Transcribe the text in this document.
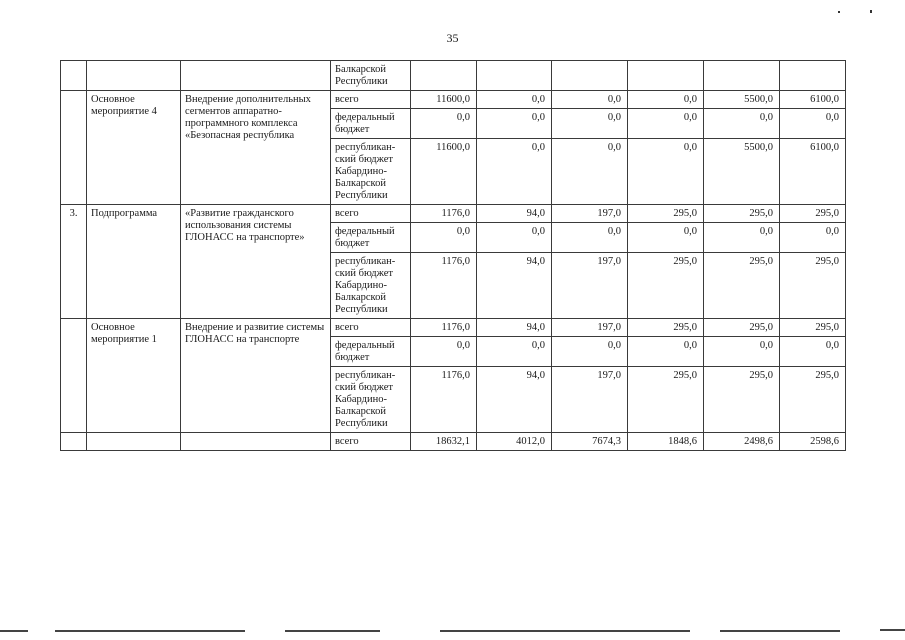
35
			Балкарской Республики						
	Основное мероприятие 4	Внедрение дополнительных сегментов аппаратно-программного комплекса «Безопасная республика	всего	11600,0	0,0	0,0	0,0	5500,0	6100,0
			федеральный бюджет	0,0	0,0	0,0	0,0	0,0	0,0
			республикан-ский бюджет Кабардино-Балкарской Республики	11600,0	0,0	0,0	0,0	5500,0	6100,0
3.	Подпрограмма	«Развитие гражданского использования системы ГЛОНАСС на транспорте»	всего	1176,0	94,0	197,0	295,0	295,0	295,0
			федеральный бюджет	0,0	0,0	0,0	0,0	0,0	0,0
			республикан-ский бюджет Кабардино-Балкарской Республики	1176,0	94,0	197,0	295,0	295,0	295,0
	Основное мероприятие 1	Внедрение и развитие системы ГЛОНАСС на транспорте	всего	1176,0	94,0	197,0	295,0	295,0	295,0
			федеральный бюджет	0,0	0,0	0,0	0,0	0,0	0,0
			республикан-ский бюджет Кабардино-Балкарской Республики	1176,0	94,0	197,0	295,0	295,0	295,0
			всего	18632,1	4012,0	7674,3	1848,6	2498,6	2598,6
